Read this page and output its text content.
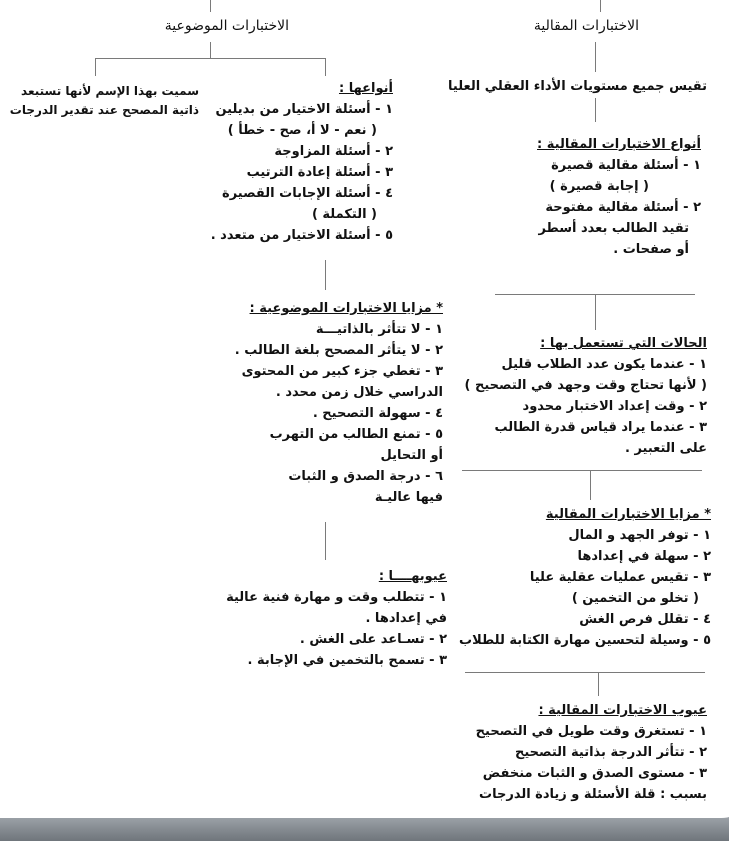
الاختبارات المقالية
تقيس جميع مستويات الأداء العقلي العليا
أنواع الاختبارات المقالية :
١ - أسئلة مقالية قصيرة
( إجابة قصيرة )
٢ - أسئلة مقالية مفتوحة
تقيد الطالب بعدد أسطر
أو صفحات .
الحالات التي تستعمل بها :
١ - عندما يكون عدد الطلاب قليل
( لأنها تحتاج وقت وجهد في التصحيح )
٢ - وقت إعداد الاختبار محدود
٣ - عندما يراد قياس قدرة الطالب
على التعبير .
* مزايا الاختبارات المقالية
١ - توفر الجهد و المال
٢ - سهلة في إعدادها
٣ - تقيس عمليات عقلية عليا
( تخلو من التخمين )
٤ - تقلل فرص الغش
٥ - وسيلة لتحسين مهارة الكتابة للطلاب
عيوب الاختبارات المقالية :
١ - تستغرق وقت طويل في التصحيح
٢ - تتأثر الدرجة بذاتية التصحيح
٣ - مستوى الصدق و الثبات منخفض
بسبب : قلة الأسئلة و زيادة الدرجات
الاختبارات الموضوعية
سميت بهذا الإسم لأنها تستبعد
ذاتية المصحح عند تقدير الدرجات
أنواعها :
١ - أسئلة الاختيار من بديلين
( نعم - لا أ، صح - خطأ )
٢ - أسئلة المزاوجة
٣ - أسئلة إعادة الترتيب
٤ - أسئلة الإجابات القصيرة
( التكملة )
٥ - أسئلة الاختيار من متعدد .
* مزايا الاختبارات الموضوعية :
١ - لا تتأثر بالذاتيـــة
٢ - لا يتأثر المصحح بلغة الطالب .
٣ - تغطي جزء كبير من المحتوى
الدراسي خلال زمن محدد .
٤ - سهولة التصحيح .
٥ - تمنع الطالب من التهرب
أو التحايل
٦ - درجة الصدق و الثبات
فيها عاليـة
عيوبهــــا :
١ - تتطلب وقت و مهارة فنية عالية
في إعدادها .
٢ - تسـاعد على الغش .
٣ - تسمح بالتخمين في الإجابة .
